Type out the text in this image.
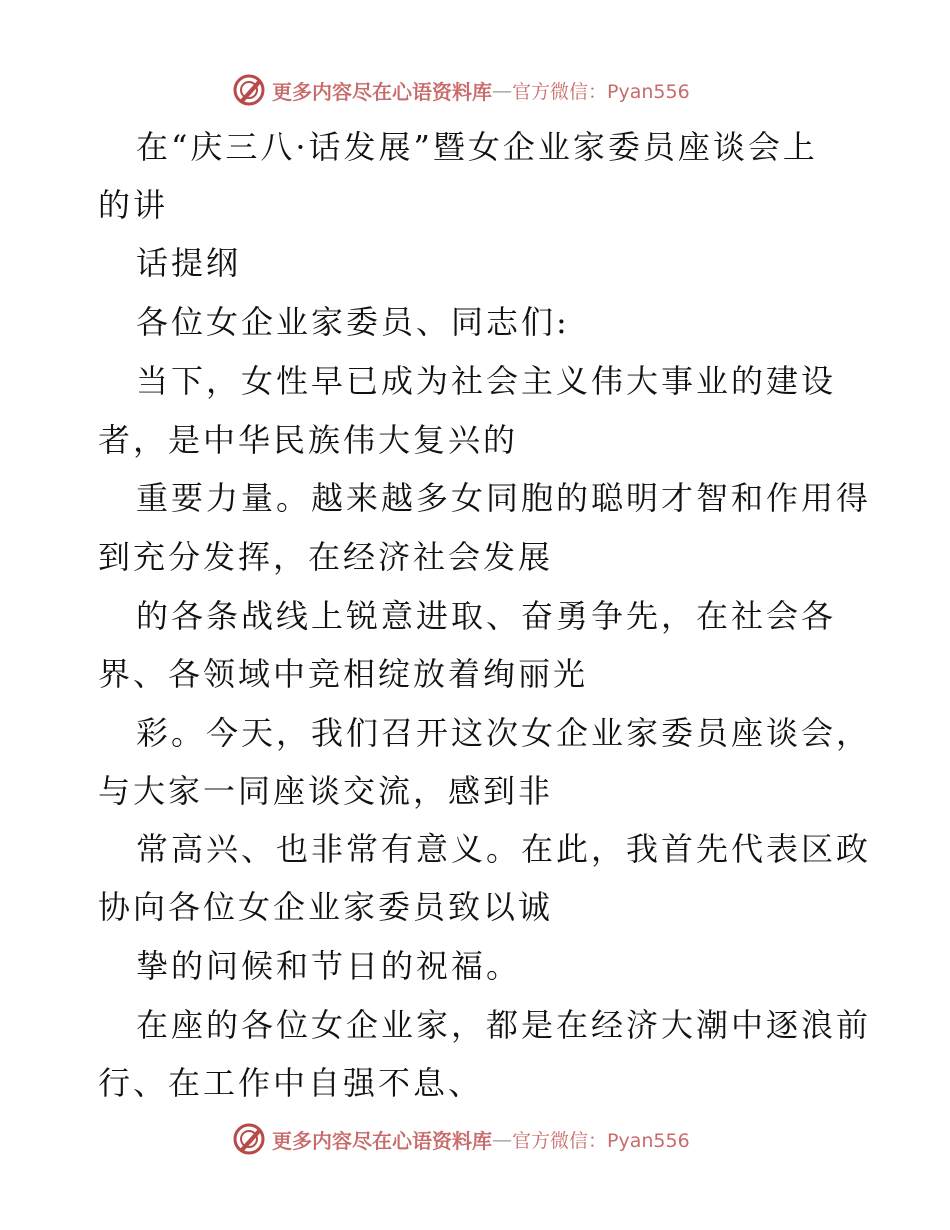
更多内容尽在心语资料库 — 官方微信：Pyan556
在“庆三八·话发展”暨女企业家委员座谈会上
的讲
话提纲
各位女企业家委员、同志们:
当下，女性早已成为社会主义伟大事业的建设
者，是中华民族伟大复兴的
重要力量。越来越多女同胞的聪明才智和作用得
到充分发挥，在经济社会发展
的各条战线上锐意进取、奋勇争先，在社会各
界、各领域中竞相绽放着绚丽光
彩。今天，我们召开这次女企业家委员座谈会，
与大家一同座谈交流，感到非
常高兴、也非常有意义。在此，我首先代表区政
协向各位女企业家委员致以诚
挚的问候和节日的祝福。
在座的各位女企业家，都是在经济大潮中逐浪前
行、在工作中自强不息、
更多内容尽在心语资料库 — 官方微信：Pyan556
